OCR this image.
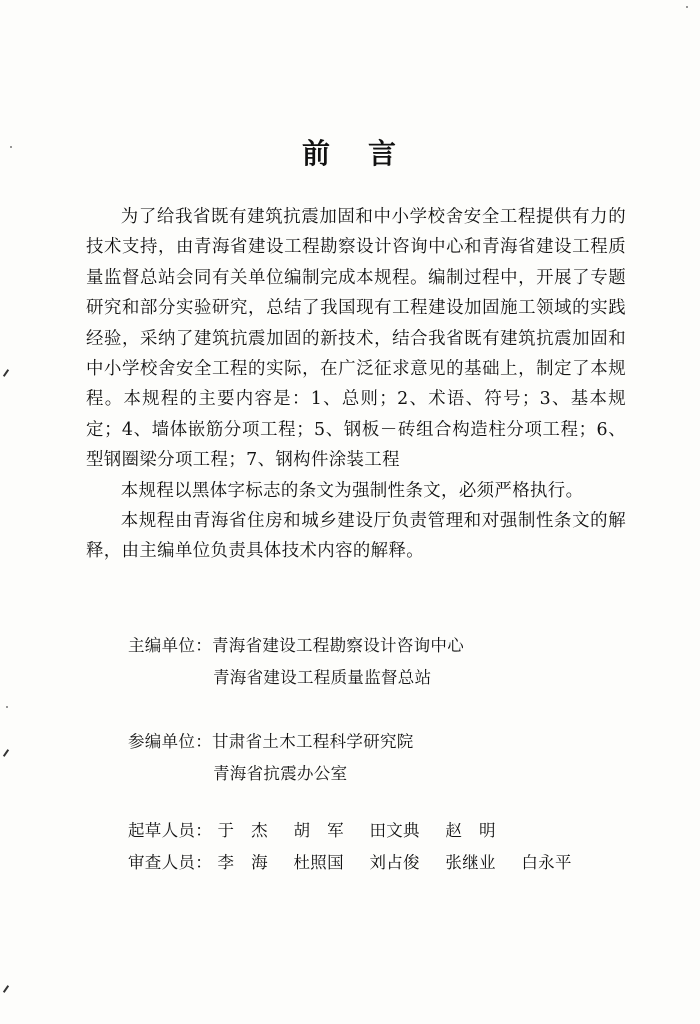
前 言

为了给我省既有建筑抗震加固和中小学校舍安全工程提供有力的技术支持，由青海省建设工程勘察设计咨询中心和青海省建设工程质量监督总站会同有关单位编制完成本规程。编制过程中，开展了专题研究和部分实验研究，总结了我国现有工程建设加固施工领域的实践经验，采纳了建筑抗震加固的新技术，结合我省既有建筑抗震加固和中小学校舍安全工程的实际，在广泛征求意见的基础上，制定了本规程。本规程的主要内容是：1、总则；2、术语、符号；3、基本规定；4、墙体嵌筋分项工程；5、钢板－砖组合构造柱分项工程；6、型钢圈梁分项工程；7、钢构件涂装工程

本规程以黑体字标志的条文为强制性条文，必须严格执行。

本规程由青海省住房和城乡建设厅负责管理和对强制性条文的解释，由主编单位负责具体技术内容的解释。

主编单位：青海省建设工程勘察设计咨询中心
青海省建设工程质量监督总站
参编单位：甘肃省土木工程科学研究院
青海省抗震办公室
起草人员： 于　杰 胡　军 田文典 赵　明
审查人员： 李　海 杜照国 刘占俊 张继业 白永平
